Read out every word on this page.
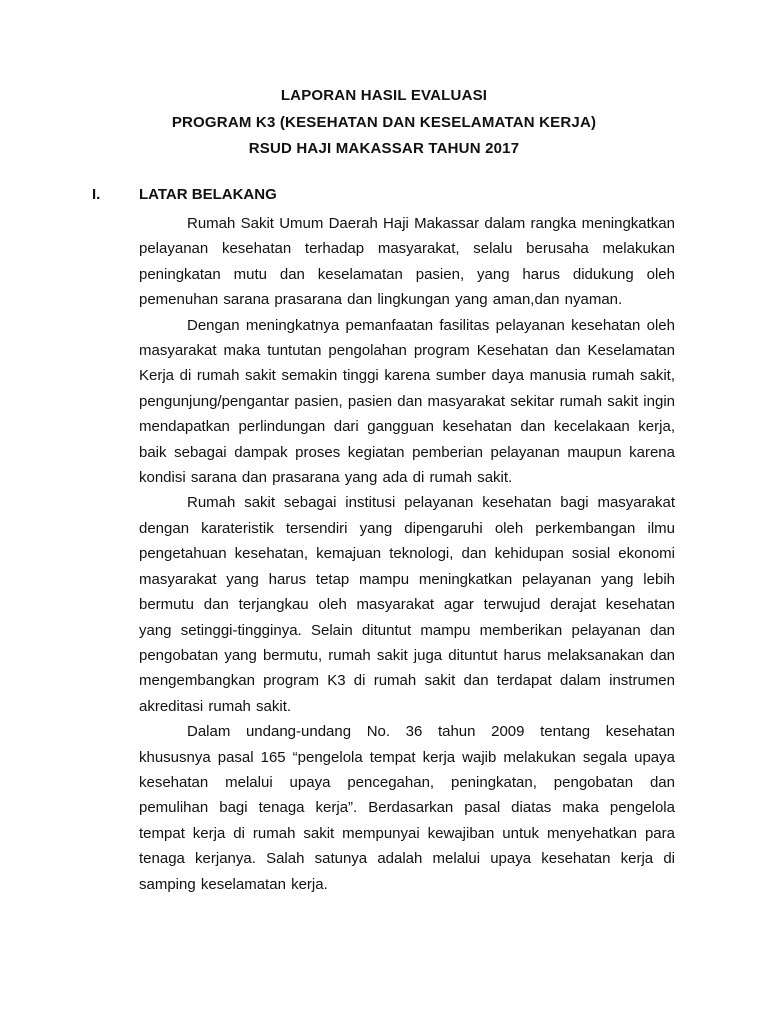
LAPORAN HASIL EVALUASI
PROGRAM K3 (KESEHATAN DAN KESELAMATAN KERJA)
RSUD HAJI MAKASSAR TAHUN 2017
I.	LATAR BELAKANG

Rumah Sakit Umum Daerah Haji Makassar dalam rangka meningkatkan pelayanan kesehatan terhadap masyarakat, selalu berusaha melakukan peningkatan mutu dan keselamatan pasien, yang harus didukung oleh pemenuhan sarana prasarana dan lingkungan yang aman,dan nyaman.

Dengan meningkatnya pemanfaatan fasilitas pelayanan kesehatan oleh masyarakat maka tuntutan pengolahan program Kesehatan dan Keselamatan Kerja di rumah sakit semakin tinggi karena sumber daya manusia rumah sakit, pengunjung/pengantar pasien, pasien dan masyarakat sekitar rumah sakit ingin mendapatkan perlindungan dari gangguan kesehatan dan kecelakaan kerja, baik sebagai dampak proses kegiatan pemberian pelayanan maupun karena kondisi sarana dan prasarana yang ada di rumah sakit.

Rumah sakit sebagai institusi pelayanan kesehatan bagi masyarakat dengan karateristik tersendiri yang dipengaruhi oleh perkembangan ilmu pengetahuan kesehatan, kemajuan teknologi, dan kehidupan sosial ekonomi masyarakat yang harus tetap mampu meningkatkan pelayanan yang lebih bermutu dan terjangkau oleh masyarakat agar terwujud derajat kesehatan yang setinggi-tingginya. Selain dituntut mampu memberikan pelayanan dan pengobatan yang bermutu, rumah sakit juga dituntut harus melaksanakan dan mengembangkan program K3 di rumah sakit dan terdapat dalam instrumen akreditasi rumah sakit.

Dalam undang-undang No. 36 tahun 2009 tentang kesehatan khususnya pasal 165 “pengelola tempat kerja wajib melakukan segala upaya kesehatan melalui upaya pencegahan, peningkatan, pengobatan dan pemulihan bagi tenaga kerja”. Berdasarkan pasal diatas maka pengelola tempat kerja di rumah sakit mempunyai kewajiban untuk menyehatkan para tenaga kerjanya. Salah satunya adalah melalui upaya kesehatan kerja di samping keselamatan kerja.
